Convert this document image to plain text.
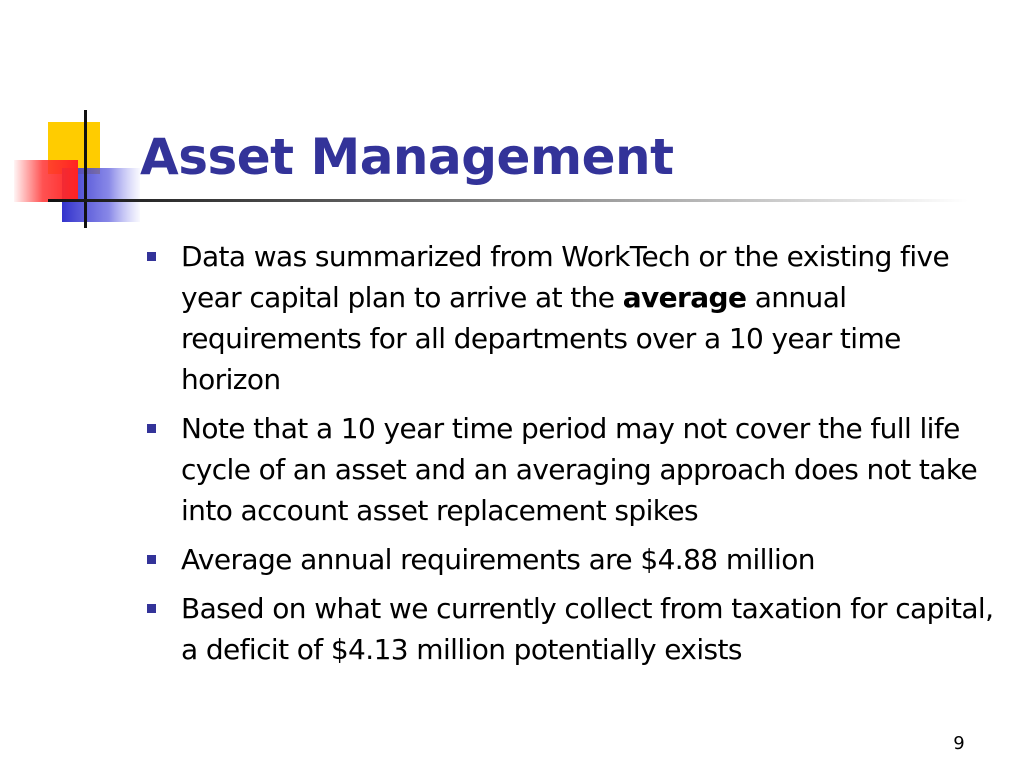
Asset Management
Data was summarized from WorkTech or the existing five year capital plan to arrive at the average annual requirements for all departments over a 10 year time horizon
Note that a 10 year time period may not cover the full life cycle of an asset and an averaging approach does not take into account asset replacement spikes
Average annual requirements are $4.88 million
Based on what we currently collect from taxation for capital, a deficit of $4.13 million potentially exists
9
